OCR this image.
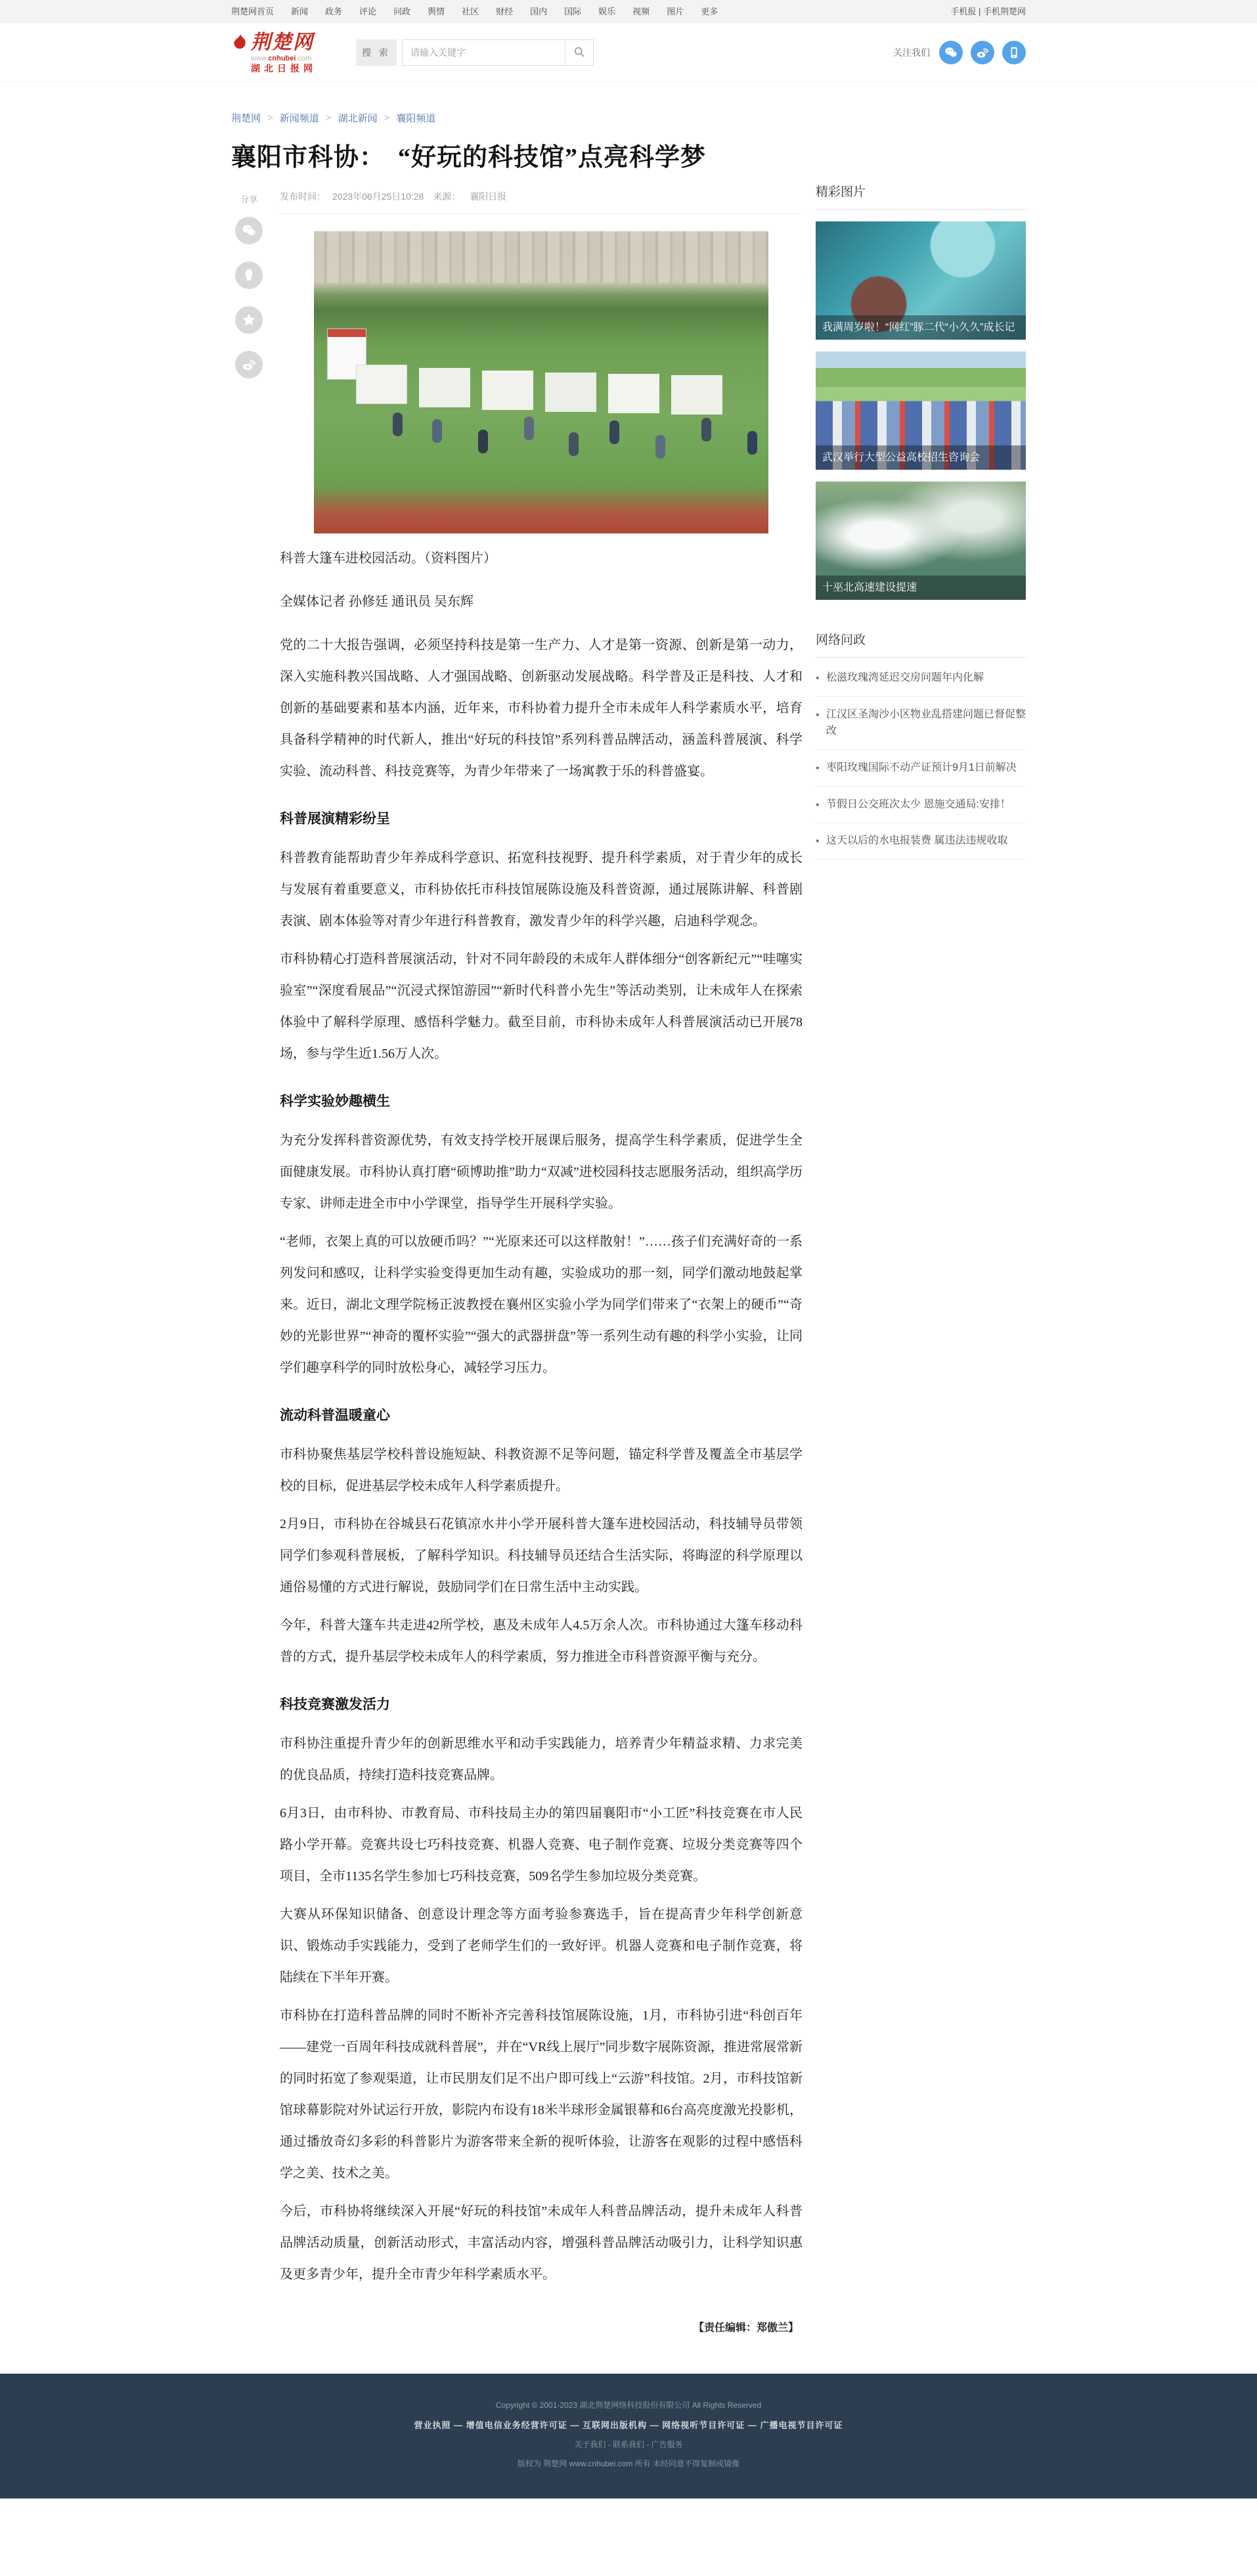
荆楚网首页 新闻 政务 评论 问政 舆情 社区 财经 国内 国际 娱乐 视频 图片 更多	手机报 | 手机荆楚网
荆楚网
www.cnhubei.com
湖北日报网
搜 索
请输入关键字	关注我们
荆楚网 > 新闻频道 > 湖北新闻 > 襄阳频道
襄阳市科协：　“好玩的科技馆”点亮科学梦
分享	发布时间： 2023年06月25日10:28 来源： 襄阳日报

科普大篷车进校园活动。（资料图片）

全媒体记者 孙修廷 通讯员 吴东辉

党的二十大报告强调，必须坚持科技是第一生产力、人才是第一资源、创新是第一动力，深入实施科教兴国战略、人才强国战略、创新驱动发展战略。科学普及正是科技、人才和创新的基础要素和基本内涵，近年来，市科协着力提升全市未成年人科学素质水平，培育具备科学精神的时代新人，推出“好玩的科技馆”系列科普品牌活动，涵盖科普展演、科学实验、流动科普、科技竞赛等，为青少年带来了一场寓教于乐的科普盛宴。

科普展演精彩纷呈

科普教育能帮助青少年养成科学意识、拓宽科技视野、提升科学素质，对于青少年的成长与发展有着重要意义，市科协依托市科技馆展陈设施及科普资源，通过展陈讲解、科普剧表演、剧本体验等对青少年进行科普教育，激发青少年的科学兴趣，启迪科学观念。

市科协精心打造科普展演活动，针对不同年龄段的未成年人群体细分“创客新纪元”“哇噻实验室”“深度看展品”“沉浸式探馆游园”“新时代科普小先生”等活动类别，让未成年人在探索体验中了解科学原理、感悟科学魅力。截至目前，市科协未成年人科普展演活动已开展78场，参与学生近1.56万人次。

科学实验妙趣横生

为充分发挥科普资源优势，有效支持学校开展课后服务，提高学生科学素质，促进学生全面健康发展。市科协认真打磨“硕博助推”助力“双减”进校园科技志愿服务活动，组织高学历专家、讲师走进全市中小学课堂，指导学生开展科学实验。

“老师，衣架上真的可以放硬币吗？”“光原来还可以这样散射！”……孩子们充满好奇的一系列发问和感叹，让科学实验变得更加生动有趣，实验成功的那一刻，同学们激动地鼓起掌来。近日，湖北文理学院杨正波教授在襄州区实验小学为同学们带来了“衣架上的硬币”“奇妙的光影世界”“神奇的覆杯实验”“强大的武器拼盘”等一系列生动有趣的科学小实验，让同学们趣享科学的同时放松身心，减轻学习压力。

流动科普温暖童心

市科协聚焦基层学校科普设施短缺、科教资源不足等问题，锚定科学普及覆盖全市基层学校的目标，促进基层学校未成年人科学素质提升。

2月9日，市科协在谷城县石花镇凉水井小学开展科普大篷车进校园活动，科技辅导员带领同学们参观科普展板，了解科学知识。科技辅导员还结合生活实际，将晦涩的科学原理以通俗易懂的方式进行解说，鼓励同学们在日常生活中主动实践。

今年，科普大篷车共走进42所学校，惠及未成年人4.5万余人次。市科协通过大篷车移动科普的方式，提升基层学校未成年人的科学素质，努力推进全市科普资源平衡与充分。

科技竞赛激发活力

市科协注重提升青少年的创新思维水平和动手实践能力，培养青少年精益求精、力求完美的优良品质，持续打造科技竞赛品牌。

6月3日，由市科协、市教育局、市科技局主办的第四届襄阳市“小工匠”科技竞赛在市人民路小学开幕。竞赛共设七巧科技竞赛、机器人竞赛、电子制作竞赛、垃圾分类竞赛等四个项目，全市1135名学生参加七巧科技竞赛，509名学生参加垃圾分类竞赛。

大赛从环保知识储备、创意设计理念等方面考验参赛选手，旨在提高青少年科学创新意识、锻炼动手实践能力，受到了老师学生们的一致好评。机器人竞赛和电子制作竞赛，将陆续在下半年开赛。

市科协在打造科普品牌的同时不断补齐完善科技馆展陈设施，1月，市科协引进“科创百年——建党一百周年科技成就科普展”，并在“VR线上展厅”同步数字展陈资源，推进常展常新的同时拓宽了参观渠道，让市民朋友们足不出户即可线上“云游”科技馆。2月，市科技馆新馆球幕影院对外试运行开放，影院内布设有18米半球形金属银幕和6台高亮度激光投影机，通过播放奇幻多彩的科普影片为游客带来全新的视听体验，让游客在观影的过程中感悟科学之美、技术之美。

今后，市科协将继续深入开展“好玩的科技馆”未成年人科普品牌活动，提升未成年人科普品牌活动质量，创新活动形式，丰富活动内容，增强科普品牌活动吸引力，让科学知识惠及更多青少年，提升全市青少年科学素质水平。

【责任编辑：郑傲兰】
精彩图片
我满周岁啦！“网红”豚二代“小久久”成长记
武汉举行大型公益高校招生咨询会
十巫北高速建设提速
网络问政
• 松滋玫瑰湾延迟交房问题年内化解
• 江汉区圣淘沙小区物业乱搭建问题已督促整改
• 枣阳玫瑰国际不动产证预计9月1日前解决
• 节假日公交班次太少 恩施交通局:安排！
• 这天以后的水电报装费 属违法违规收取
Copyright © 2001-2023 湖北荆楚网络科技股份有限公司 All Rights Reserved
营业执照 — 增值电信业务经营许可证 — 互联网出版机构 — 网络视听节目许可证 — 广播电视节目许可证
关于我们 - 联系我们 - 广告服务
版权为 荆楚网 www.cnhubei.com 所有 未经同意不得复制或镜像
